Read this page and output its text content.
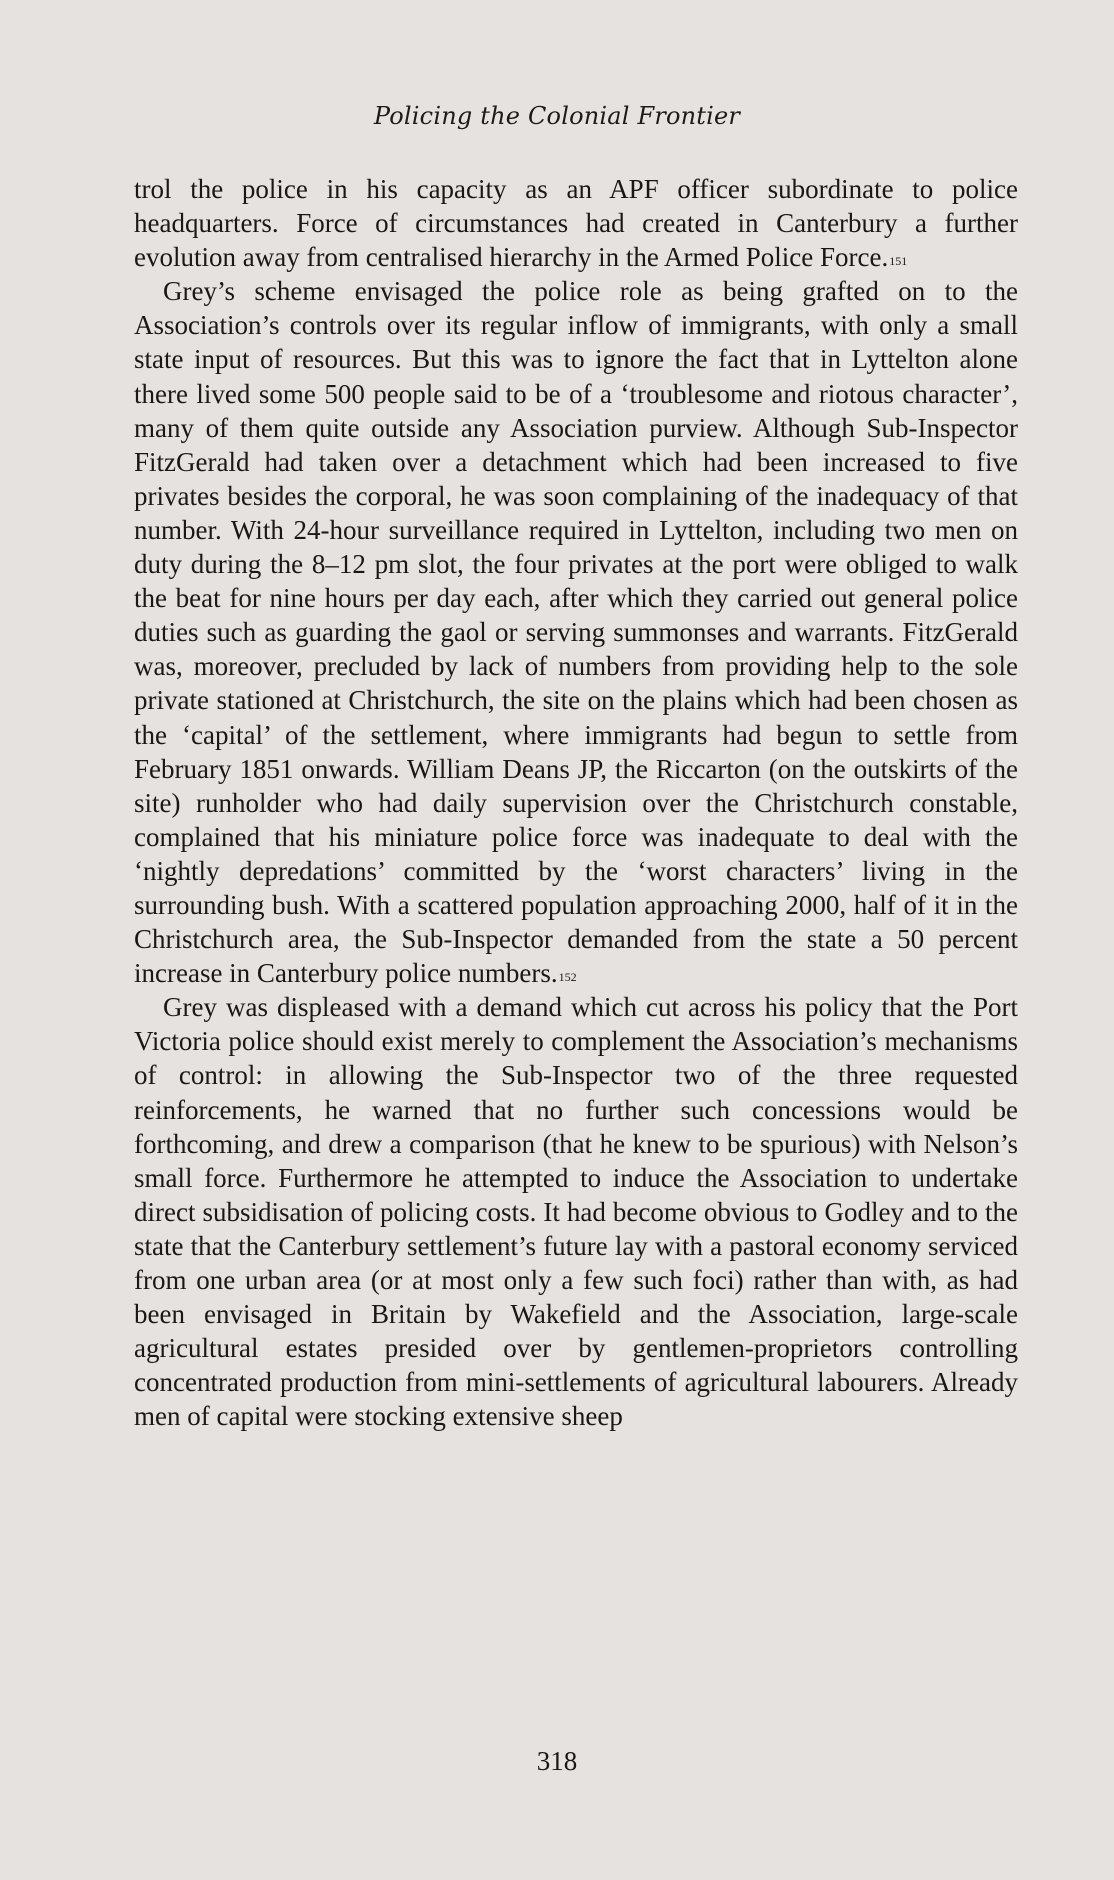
Policing the Colonial Frontier

trol the police in his capacity as an APF officer subordinate to police headquarters. Force of circumstances had created in Canterbury a further evolution away from centralised hierarchy in the Armed Police Force.$^{151}$

Grey’s scheme envisaged the police role as being grafted on to the Association’s controls over its regular inflow of immigrants, with only a small state input of resources. But this was to ignore the fact that in Lyttelton alone there lived some 500 people said to be of a ‘troublesome and riotous character’, many of them quite outside any Association purview. Although Sub-Inspector FitzGerald had taken over a detachment which had been increased to five privates besides the corporal, he was soon complaining of the inadequacy of that number. With 24-hour surveillance required in Lyttelton, including two men on duty during the 8–12 pm slot, the four privates at the port were obliged to walk the beat for nine hours per day each, after which they carried out general police duties such as guarding the gaol or serving summonses and warrants. FitzGerald was, moreover, precluded by lack of numbers from providing help to the sole private stationed at Christchurch, the site on the plains which had been chosen as the ‘capital’ of the settlement, where immigrants had begun to settle from February 1851 onwards. William Deans JP, the Riccarton (on the outskirts of the site) runholder who had daily supervision over the Christchurch constable, complained that his miniature police force was inadequate to deal with the ‘nightly depredations’ committed by the ‘worst characters’ living in the surrounding bush. With a scattered population approaching 2000, half of it in the Christchurch area, the Sub-Inspector demanded from the state a 50 percent increase in Canterbury police numbers.$^{152}$

Grey was displeased with a demand which cut across his policy that the Port Victoria police should exist merely to complement the Association’s mechanisms of control: in allowing the Sub-Inspector two of the three requested reinforcements, he warned that no further such concessions would be forthcoming, and drew a comparison (that he knew to be spurious) with Nelson’s small force. Furthermore he attempted to induce the Association to undertake direct subsidisation of policing costs. It had become obvious to Godley and to the state that the Canterbury settlement’s future lay with a pastoral economy serviced from one urban area (or at most only a few such foci) rather than with, as had been envisaged in Britain by Wakefield and the Association, large-scale agricultural estates presided over by gentlemen-proprietors controlling concentrated production from mini-settlements of agricultural labourers. Already men of capital were stocking extensive sheep

318
